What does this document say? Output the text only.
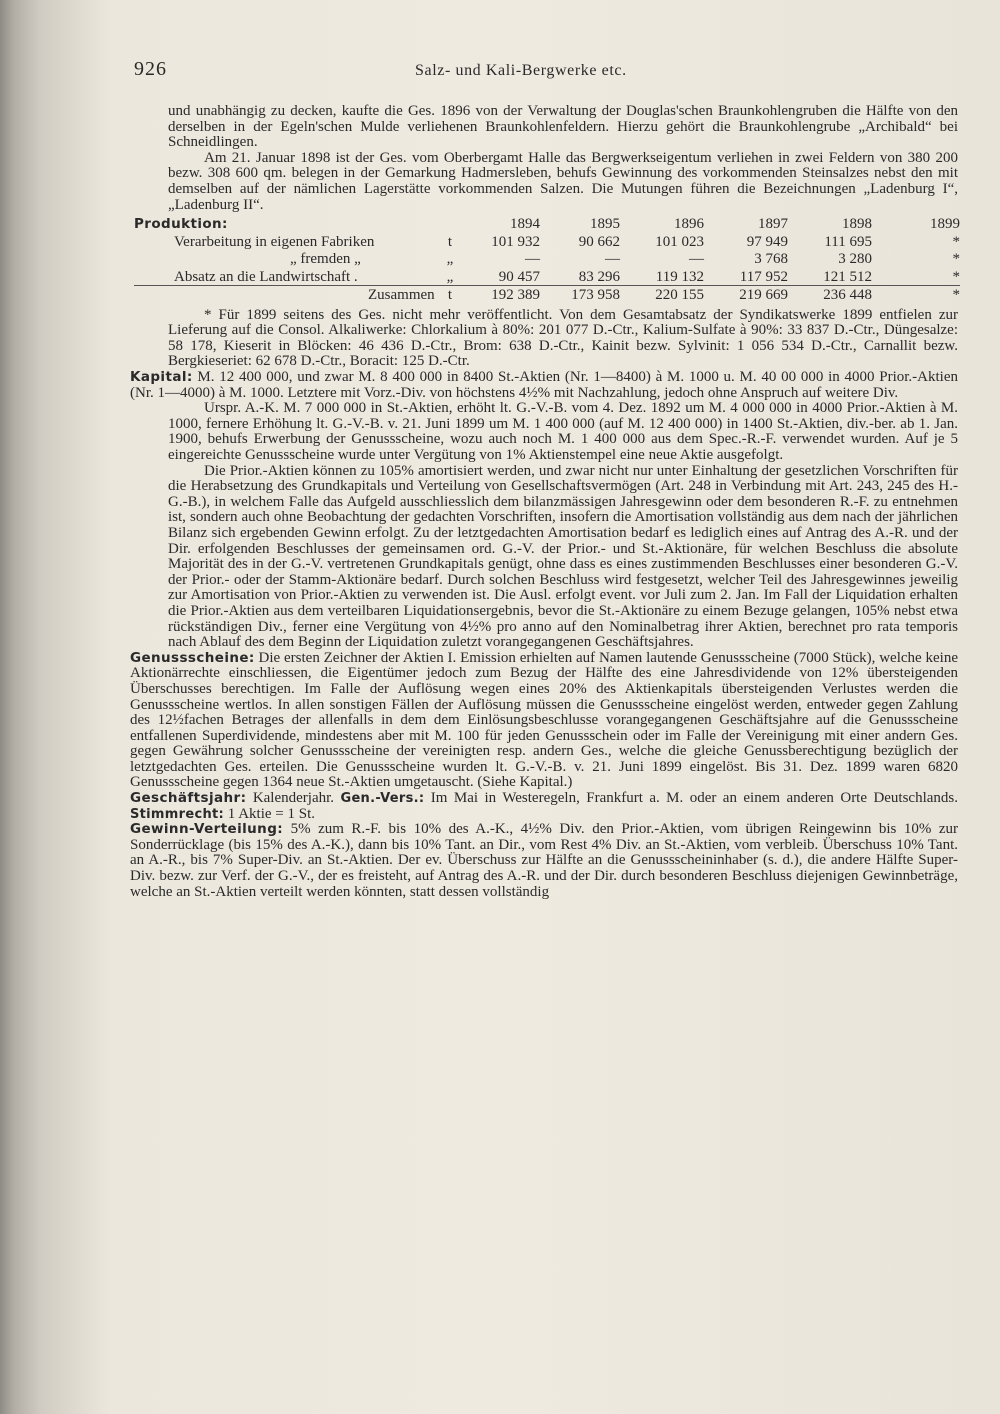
926	Salz- und Kali-Bergwerke etc.

und unabhängig zu decken, kaufte die Ges. 1896 von der Verwaltung der Douglas'schen Braunkohlengruben die Hälfte von den derselben in der Egeln'schen Mulde verliehenen Braunkohlenfeldern. Hierzu gehört die Braunkohlengrube „Archibald“ bei Schneidlingen.

Am 21. Januar 1898 ist der Ges. vom Oberbergamt Halle das Bergwerkseigentum verliehen in zwei Feldern von 380 200 bezw. 308 600 qm. belegen in der Gemarkung Hadmersleben, behufs Gewinnung des vorkommenden Steinsalzes nebst den mit demselben auf der nämlichen Lagerstätte vorkommenden Salzen. Die Mutungen führen die Bezeichnungen „Ladenburg I“, „Ladenburg II“.

Produktion:		1894	1895	1896	1897	1898	1899
Verarbeitung in eigenen Fabriken	t	101 932	90 662	101 023	97 949	111 695	*
„ fremden „	„	—	—	—	3 768	3 280	*
Absatz an die Landwirtschaft .	„	90 457	83 296	119 132	117 952	121 512	*
Zusammen	t	192 389	173 958	220 155	219 669	236 448	*

* Für 1899 seitens des Ges. nicht mehr veröffentlicht. Von dem Gesamtabsatz der Syndikatswerke 1899 entfielen zur Lieferung auf die Consol. Alkaliwerke: Chlorkalium à 80%: 201 077 D.-Ctr., Kalium-Sulfate à 90%: 33 837 D.-Ctr., Düngesalze: 58 178, Kieserit in Blöcken: 46 436 D.-Ctr., Brom: 638 D.-Ctr., Kainit bezw. Sylvinit: 1 056 534 D.-Ctr., Carnallit bezw. Bergkieseriet: 62 678 D.-Ctr., Boracit: 125 D.-Ctr.

Kapital: M. 12 400 000, und zwar M. 8 400 000 in 8400 St.-Aktien (Nr. 1—8400) à M. 1000 u. M. 40 00 000 in 4000 Prior.-Aktien (Nr. 1—4000) à M. 1000. Letztere mit Vorz.-Div. von höchstens 4½% mit Nachzahlung, jedoch ohne Anspruch auf weitere Div.

Urspr. A.-K. M. 7 000 000 in St.-Aktien, erhöht lt. G.-V.-B. vom 4. Dez. 1892 um M. 4 000 000 in 4000 Prior.-Aktien à M. 1000, fernere Erhöhung lt. G.-V.-B. v. 21. Juni 1899 um M. 1 400 000 (auf M. 12 400 000) in 1400 St.-Aktien, div.-ber. ab 1. Jan. 1900, behufs Erwerbung der Genussscheine, wozu auch noch M. 1 400 000 aus dem Spec.-R.-F. verwendet wurden. Auf je 5 eingereichte Genussscheine wurde unter Vergütung von 1% Aktienstempel eine neue Aktie ausgefolgt.

Die Prior.-Aktien können zu 105% amortisiert werden, und zwar nicht nur unter Einhaltung der gesetzlichen Vorschriften für die Herabsetzung des Grundkapitals und Verteilung von Gesellschaftsvermögen (Art. 248 in Verbindung mit Art. 243, 245 des H.-G.-B.), in welchem Falle das Aufgeld ausschliesslich dem bilanzmässigen Jahresgewinn oder dem besonderen R.-F. zu entnehmen ist, sondern auch ohne Beobachtung der gedachten Vorschriften, insofern die Amortisation vollständig aus dem nach der jährlichen Bilanz sich ergebenden Gewinn erfolgt. Zu der letztgedachten Amortisation bedarf es lediglich eines auf Antrag des A.-R. und der Dir. erfolgenden Beschlusses der gemeinsamen ord. G.-V. der Prior.- und St.-Aktionäre, für welchen Beschluss die absolute Majorität des in der G.-V. vertretenen Grundkapitals genügt, ohne dass es eines zustimmenden Beschlusses einer besonderen G.-V. der Prior.- oder der Stamm-Aktionäre bedarf. Durch solchen Beschluss wird festgesetzt, welcher Teil des Jahresgewinnes jeweilig zur Amortisation von Prior.-Aktien zu verwenden ist. Die Ausl. erfolgt event. vor Juli zum 2. Jan. Im Fall der Liquidation erhalten die Prior.-Aktien aus dem verteilbaren Liquidationsergebnis, bevor die St.-Aktionäre zu einem Bezuge gelangen, 105% nebst etwa rückständigen Div., ferner eine Vergütung von 4½% pro anno auf den Nominalbetrag ihrer Aktien, berechnet pro rata temporis nach Ablauf des dem Beginn der Liquidation zuletzt vorangegangenen Geschäftsjahres.

Genussscheine: Die ersten Zeichner der Aktien I. Emission erhielten auf Namen lautende Genussscheine (7000 Stück), welche keine Aktionärrechte einschliessen, die Eigentümer jedoch zum Bezug der Hälfte des eine Jahresdividende von 12% übersteigenden Überschusses berechtigen. Im Falle der Auflösung wegen eines 20% des Aktienkapitals übersteigenden Verlustes werden die Genussscheine wertlos. In allen sonstigen Fällen der Auflösung müssen die Genussscheine eingelöst werden, entweder gegen Zahlung des 12½fachen Betrages der allenfalls in dem dem Einlösungsbeschlusse vorangegangenen Geschäftsjahre auf die Genussscheine entfallenen Superdividende, mindestens aber mit M. 100 für jeden Genussschein oder im Falle der Vereinigung mit einer andern Ges. gegen Gewährung solcher Genussscheine der vereinigten resp. andern Ges., welche die gleiche Genussberechtigung bezüglich der letztgedachten Ges. erteilen. Die Genussscheine wurden lt. G.-V.-B. v. 21. Juni 1899 eingelöst. Bis 31. Dez. 1899 waren 6820 Genussscheine gegen 1364 neue St.-Aktien umgetauscht. (Siehe Kapital.)

Geschäftsjahr: Kalenderjahr. Gen.-Vers.: Im Mai in Westeregeln, Frankfurt a. M. oder an einem anderen Orte Deutschlands. Stimmrecht: 1 Aktie = 1 St.

Gewinn-Verteilung: 5% zum R.-F. bis 10% des A.-K., 4½% Div. den Prior.-Aktien, vom übrigen Reingewinn bis 10% zur Sonderrücklage (bis 15% des A.-K.), dann bis 10% Tant. an Dir., vom Rest 4% Div. an St.-Aktien, vom verbleib. Überschuss 10% Tant. an A.-R., bis 7% Super-Div. an St.-Aktien. Der ev. Überschuss zur Hälfte an die Genussscheininhaber (s. d.), die andere Hälfte Super-Div. bezw. zur Verf. der G.-V., der es freisteht, auf Antrag des A.-R. und der Dir. durch besonderen Beschluss diejenigen Gewinnbeträge, welche an St.-Aktien verteilt werden könnten, statt dessen vollständig
